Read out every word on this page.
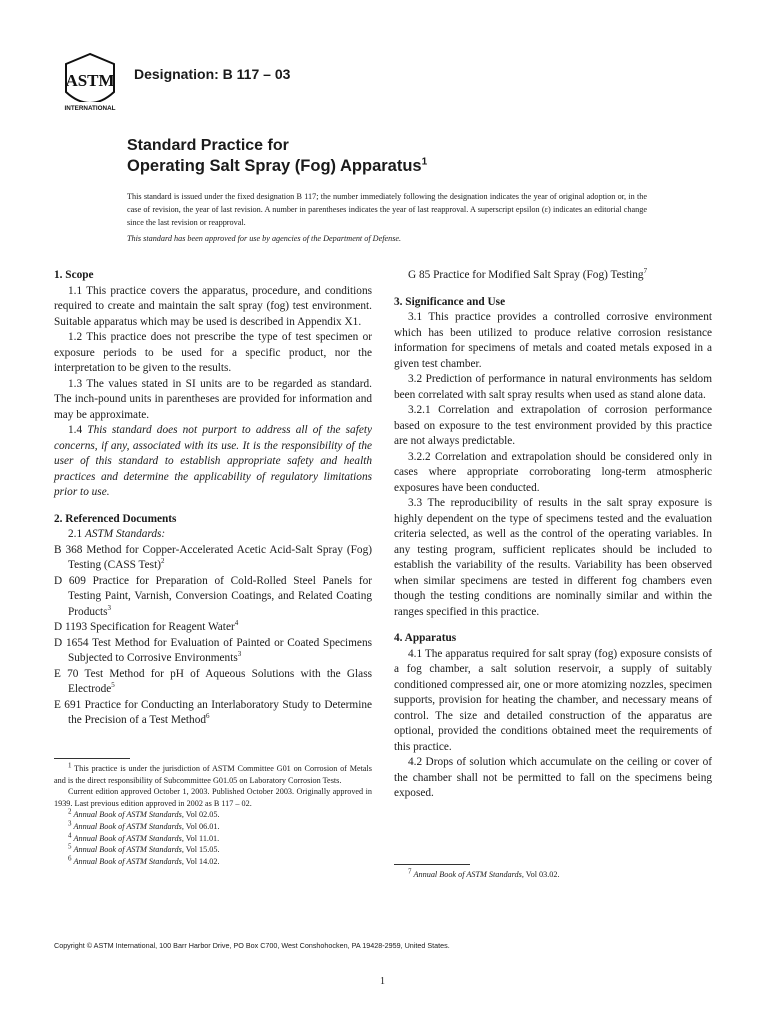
ASTM
INTERNATIONAL
Designation: B 117 – 03
Standard Practice for
Operating Salt Spray (Fog) Apparatus$^1$
This standard is issued under the fixed designation B 117; the number immediately following the designation indicates the year of original adoption or, in the case of revision, the year of last revision. A number in parentheses indicates the year of last reapproval. A superscript epsilon (ε) indicates an editorial change since the last revision or reapproval.
This standard has been approved for use by agencies of the Department of Defense.

1. Scope

1.1 This practice covers the apparatus, procedure, and conditions required to create and maintain the salt spray (fog) test environment. Suitable apparatus which may be used is described in Appendix X1.

1.2 This practice does not prescribe the type of test specimen or exposure periods to be used for a specific product, nor the interpretation to be given to the results.

1.3 The values stated in SI units are to be regarded as standard. The inch-pound units in parentheses are provided for information and may be approximate.

1.4 This standard does not purport to address all of the safety concerns, if any, associated with its use. It is the responsibility of the user of this standard to establish appropriate safety and health practices and determine the applicability of regulatory limitations prior to use.

2. Referenced Documents

2.1 ASTM Standards:

B 368 Method for Copper-Accelerated Acetic Acid-Salt Spray (Fog) Testing (CASS Test)$^2$

D 609 Practice for Preparation of Cold-Rolled Steel Panels for Testing Paint, Varnish, Conversion Coatings, and Related Coating Products$^3$

D 1193 Specification for Reagent Water$^4$

D 1654 Test Method for Evaluation of Painted or Coated Specimens Subjected to Corrosive Environments$^3$

E 70 Test Method for pH of Aqueous Solutions with the Glass Electrode$^5$

E 691 Practice for Conducting an Interlaboratory Study to Determine the Precision of a Test Method$^6$

$^1$ This practice is under the jurisdiction of ASTM Committee G01 on Corrosion of Metals and is the direct responsibility of Subcommittee G01.05 on Laboratory Corrosion Tests.

Current edition approved October 1, 2003. Published October 2003. Originally approved in 1939. Last previous edition approved in 2002 as B 117 – 02.

$^2$ Annual Book of ASTM Standards, Vol 02.05.

$^3$ Annual Book of ASTM Standards, Vol 06.01.

$^4$ Annual Book of ASTM Standards, Vol 11.01.

$^5$ Annual Book of ASTM Standards, Vol 15.05.

$^6$ Annual Book of ASTM Standards, Vol 14.02.

G 85 Practice for Modified Salt Spray (Fog) Testing$^7$

3. Significance and Use

3.1 This practice provides a controlled corrosive environment which has been utilized to produce relative corrosion resistance information for specimens of metals and coated metals exposed in a given test chamber.

3.2 Prediction of performance in natural environments has seldom been correlated with salt spray results when used as stand alone data.

3.2.1 Correlation and extrapolation of corrosion performance based on exposure to the test environment provided by this practice are not always predictable.

3.2.2 Correlation and extrapolation should be considered only in cases where appropriate corroborating long-term atmospheric exposures have been conducted.

3.3 The reproducibility of results in the salt spray exposure is highly dependent on the type of specimens tested and the evaluation criteria selected, as well as the control of the operating variables. In any testing program, sufficient replicates should be included to establish the variability of the results. Variability has been observed when similar specimens are tested in different fog chambers even though the testing conditions are nominally similar and within the ranges specified in this practice.

4. Apparatus

4.1 The apparatus required for salt spray (fog) exposure consists of a fog chamber, a salt solution reservoir, a supply of suitably conditioned compressed air, one or more atomizing nozzles, specimen supports, provision for heating the chamber, and necessary means of control. The size and detailed construction of the apparatus are optional, provided the conditions obtained meet the requirements of this practice.

4.2 Drops of solution which accumulate on the ceiling or cover of the chamber shall not be permitted to fall on the specimens being exposed.

$^7$ Annual Book of ASTM Standards, Vol 03.02.

Copyright © ASTM International, 100 Barr Harbor Drive, PO Box C700, West Conshohocken, PA 19428-2959, United States.
1
